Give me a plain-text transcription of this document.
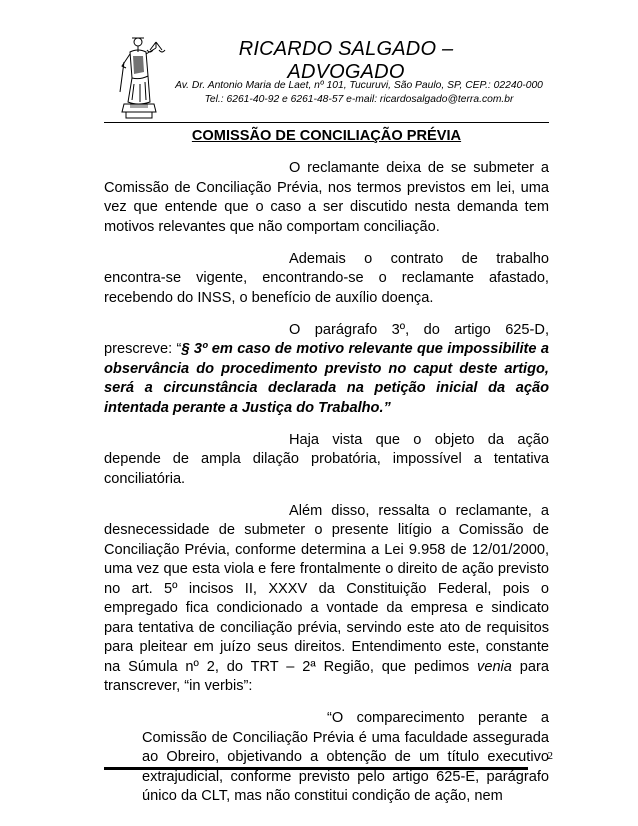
RICARDO SALGADO – ADVOGADO
Av. Dr. Antonio Maria de Laet, nº 101, Tucuruvi, São Paulo, SP, CEP.: 02240-000
Tel.: 6261-40-92 e 6261-48-57 e-mail: ricardosalgado@terra.com.br
COMISSÃO DE CONCILIAÇÃO PRÉVIA

O reclamante deixa de se submeter a Comissão de Conciliação Prévia, nos termos previstos em lei, uma vez que entende que o caso a ser discutido nesta demanda tem motivos relevantes que não comportam conciliação.

Ademais o contrato de trabalho encontra-se vigente, encontrando-se o reclamante afastado, recebendo do INSS, o benefício de auxílio doença.

O parágrafo 3º, do artigo 625-D, prescreve: “§ 3º em caso de motivo relevante que impossibilite a observância do procedimento previsto no caput deste artigo, será a circunstância declarada na petição inicial da ação intentada perante a Justiça do Trabalho.”

Haja vista que o objeto da ação depende de ampla dilação probatória, impossível a tentativa conciliatória.

Além disso, ressalta o reclamante, a desnecessidade de submeter o presente litígio a Comissão de Conciliação Prévia, conforme determina a Lei 9.958 de 12/01/2000, uma vez que esta viola e fere frontalmente o direito de ação previsto no art. 5º incisos II, XXXV da Constituição Federal, pois o empregado fica condicionado a vontade da empresa e sindicato para tentativa de conciliação prévia, servindo este ato de requisitos para pleitear em juízo seus direitos. Entendimento este, constante na Súmula nº 2, do TRT – 2ª Região, que pedimos venia para transcrever, “in verbis”:

“O comparecimento perante a Comissão de Conciliação Prévia é uma faculdade assegurada ao Obreiro, objetivando a obtenção de um título executivo extrajudicial, conforme previsto pelo artigo 625-E, parágrafo único da CLT, mas não constitui condição de ação, nem

2
